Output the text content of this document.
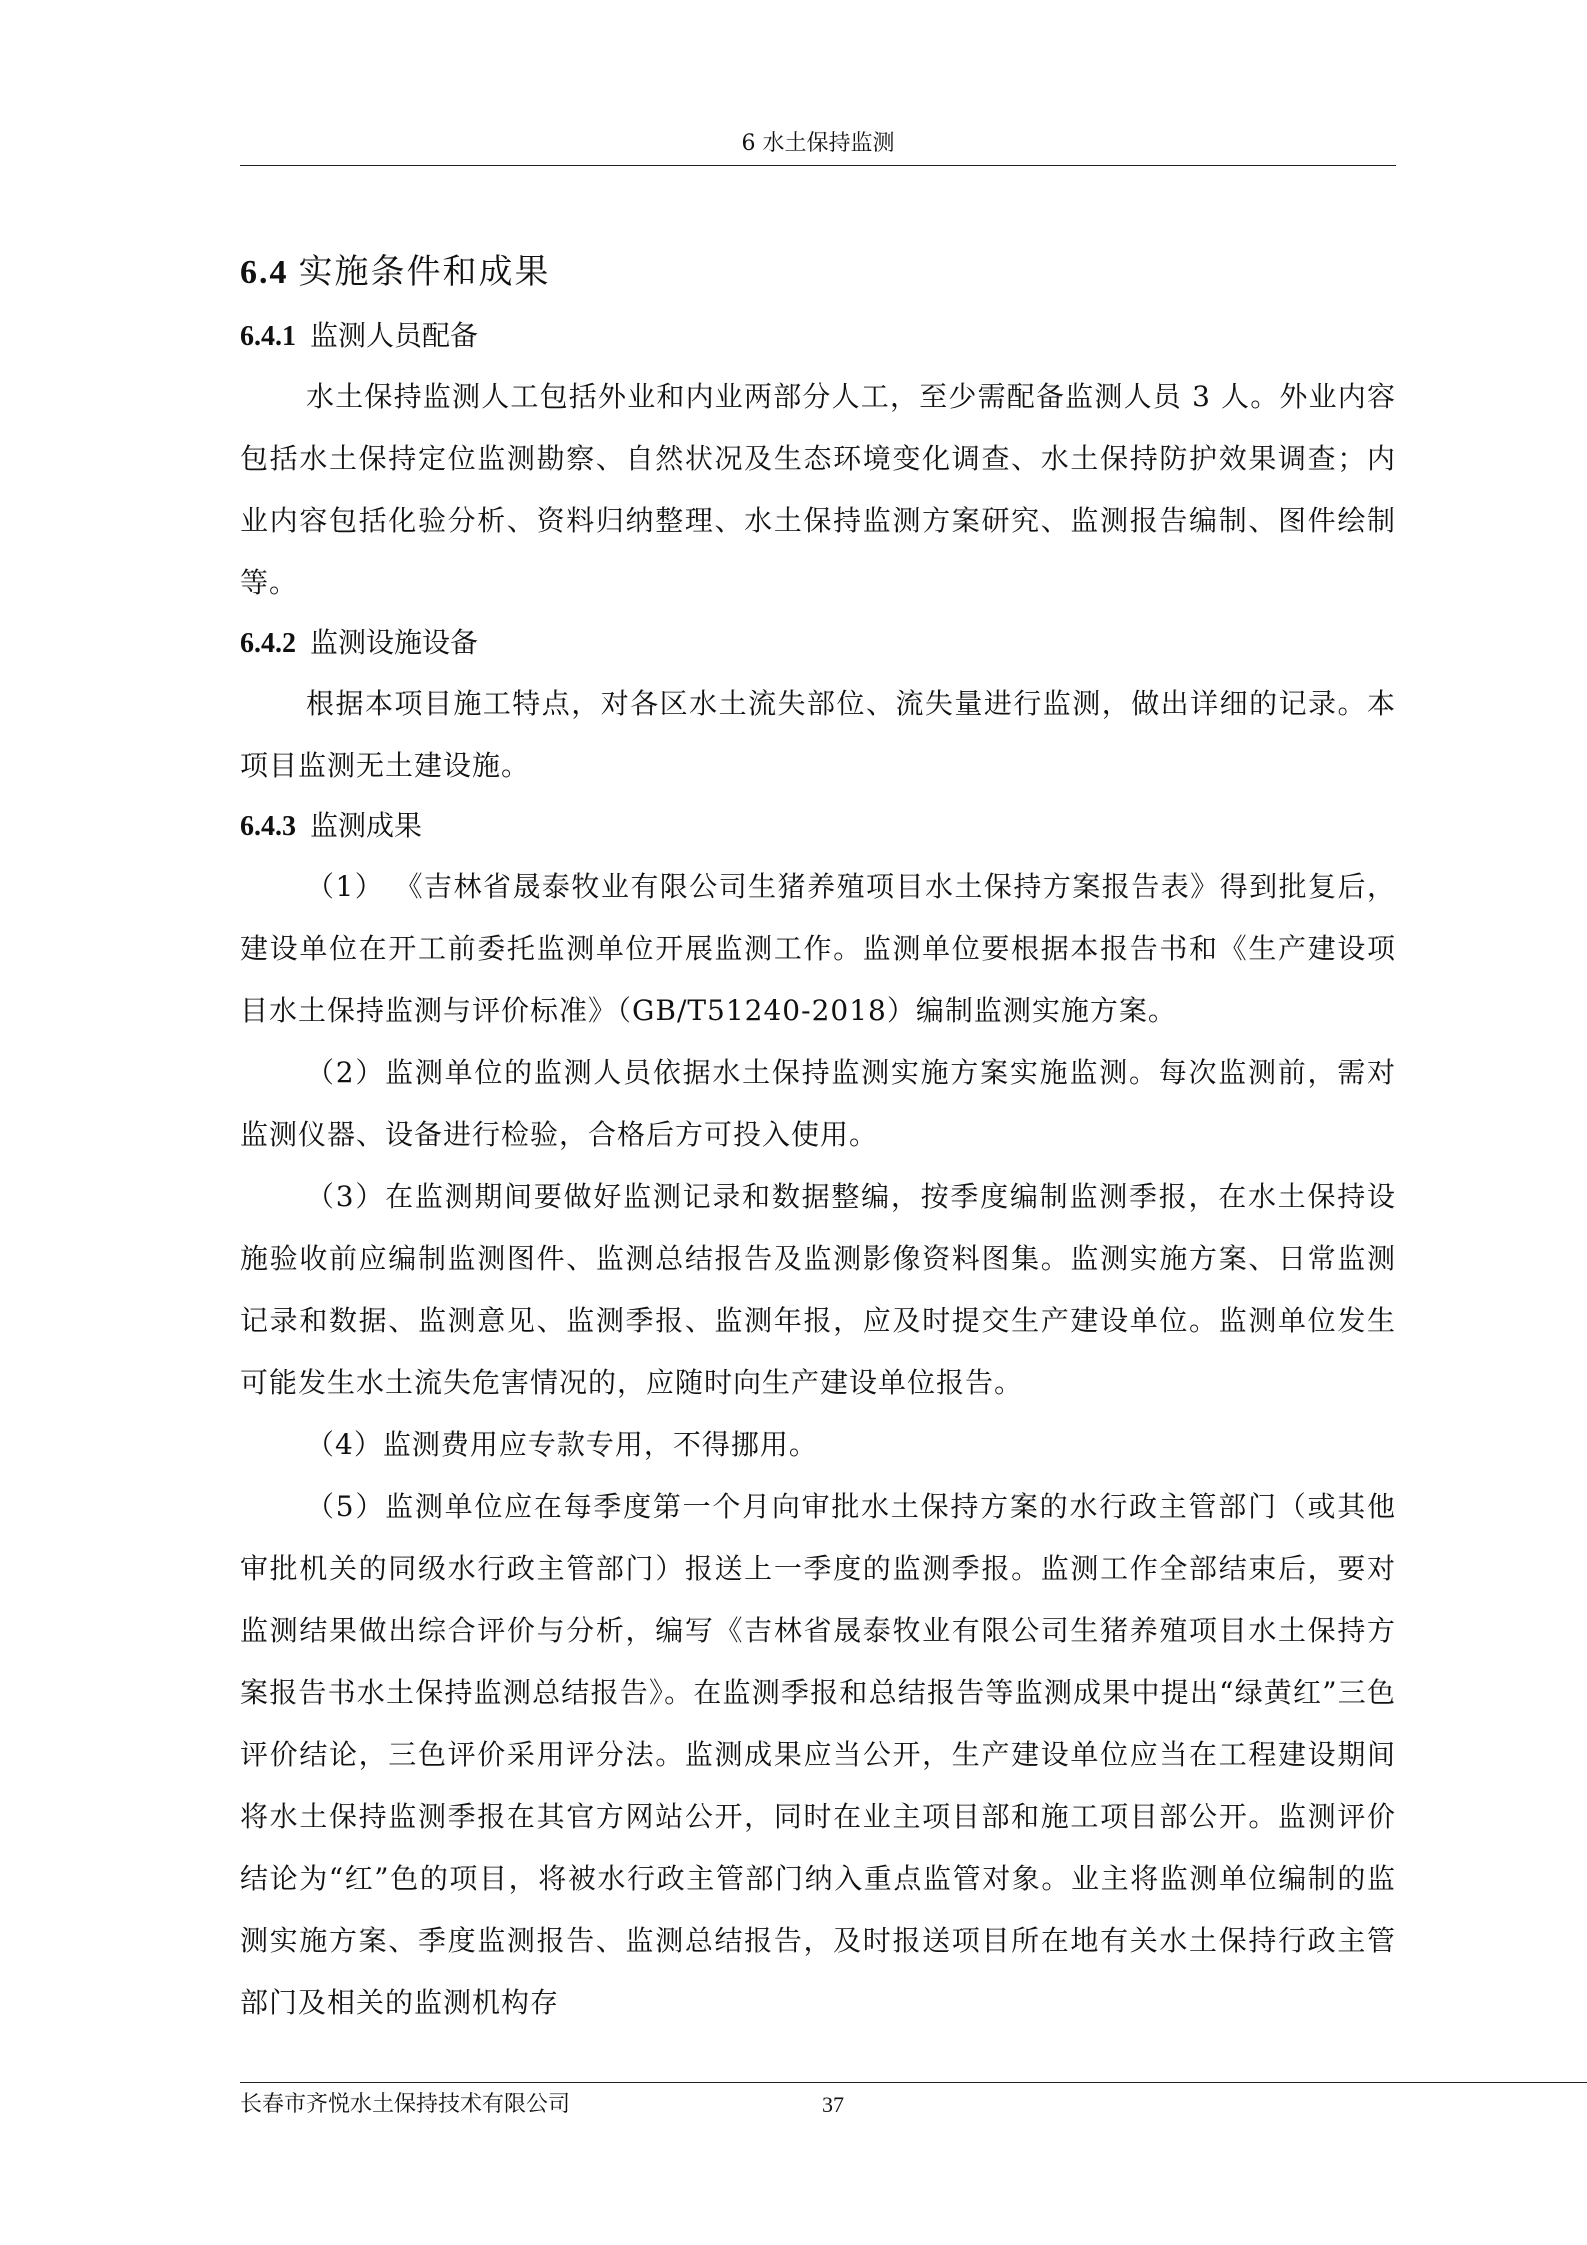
6 水土保持监测
6.4 实施条件和成果
6.4.1 监测人员配备

水土保持监测人工包括外业和内业两部分人工，至少需配备监测人员 3 人。外业内容包括水土保持定位监测勘察、自然状况及生态环境变化调查、水土保持防护效果调查；内业内容包括化验分析、资料归纳整理、水土保持监测方案研究、监测报告编制、图件绘制等。

6.4.2 监测设施设备

根据本项目施工特点，对各区水土流失部位、流失量进行监测，做出详细的记录。本项目监测无土建设施。

6.4.3 监测成果

（1） 《吉林省晟泰牧业有限公司生猪养殖项目水土保持方案报告表》得到批复后，建设单位在开工前委托监测单位开展监测工作。监测单位要根据本报告书和《生产建设项目水土保持监测与评价标准》（GB/T51240-2018）编制监测实施方案。

（2）监测单位的监测人员依据水土保持监测实施方案实施监测。每次监测前，需对监测仪器、设备进行检验，合格后方可投入使用。

（3）在监测期间要做好监测记录和数据整编，按季度编制监测季报，在水土保持设施验收前应编制监测图件、监测总结报告及监测影像资料图集。监测实施方案、日常监测记录和数据、监测意见、监测季报、监测年报，应及时提交生产建设单位。监测单位发生可能发生水土流失危害情况的，应随时向生产建设单位报告。

（4）监测费用应专款专用，不得挪用。

（5）监测单位应在每季度第一个月向审批水土保持方案的水行政主管部门（或其他审批机关的同级水行政主管部门）报送上一季度的监测季报。监测工作全部结束后，要对监测结果做出综合评价与分析，编写《吉林省晟泰牧业有限公司生猪养殖项目水土保持方案报告书水土保持监测总结报告》。在监测季报和总结报告等监测成果中提出“绿黄红”三色评价结论，三色评价采用评分法。监测成果应当公开，生产建设单位应当在工程建设期间将水土保持监测季报在其官方网站公开，同时在业主项目部和施工项目部公开。监测评价结论为“红”色的项目，将被水行政主管部门纳入重点监管对象。业主将监测单位编制的监测实施方案、季度监测报告、监测总结报告，及时报送项目所在地有关水土保持行政主管部门及相关的监测机构存

长春市齐悦水土保持技术有限公司	37
